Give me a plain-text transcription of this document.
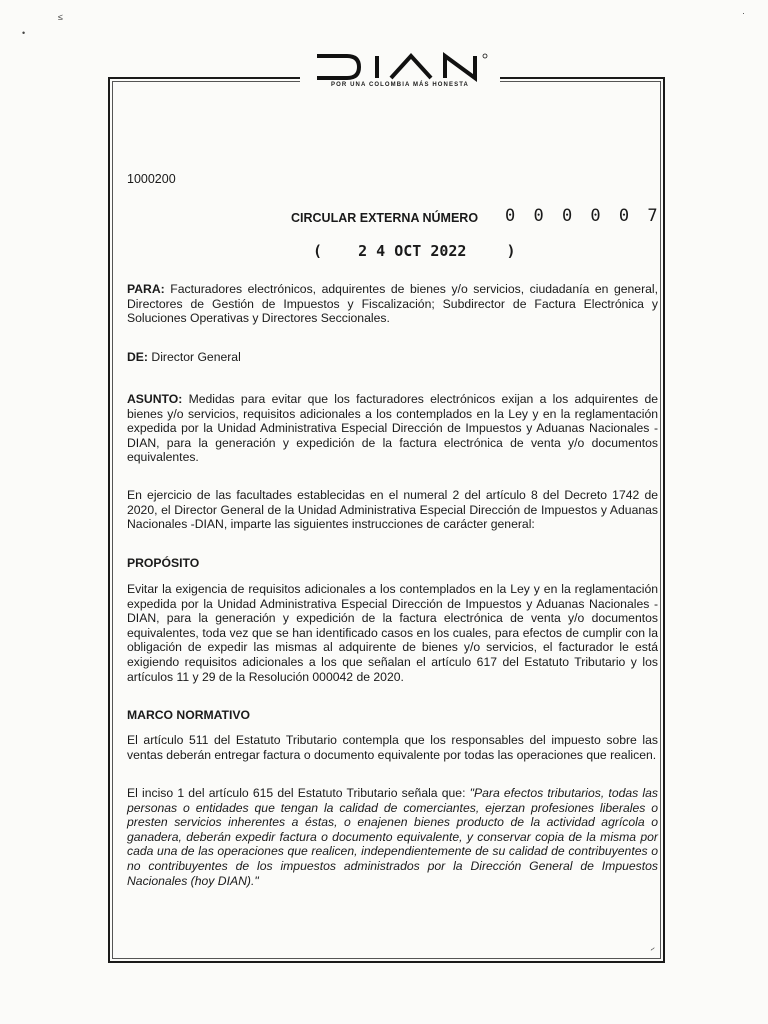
POR UNA COLOMBIA MÁS HONESTA
•
≤	·
~
1000200
CIRCULAR EXTERNA NÚMERO 0 0 0 0 0 7
( 2 4 OCT 2022	)
PARA: Facturadores electrónicos, adquirentes de bienes y/o servicios, ciudadanía en general, Directores de Gestión de Impuestos y Fiscalización; Subdirector de Factura Electrónica y Soluciones Operativas y Directores Seccionales.
DE: Director General
ASUNTO: Medidas para evitar que los facturadores electrónicos exijan a los adquirentes de bienes y/o servicios, requisitos adicionales a los contemplados en la Ley y en la reglamentación expedida por la Unidad Administrativa Especial Dirección de Impuestos y Aduanas Nacionales -DIAN, para la generación y expedición de la factura electrónica de venta y/o documentos equivalentes.
En ejercicio de las facultades establecidas en el numeral 2 del artículo 8 del Decreto 1742 de 2020, el Director General de la Unidad Administrativa Especial Dirección de Impuestos y Aduanas Nacionales -DIAN, imparte las siguientes instrucciones de carácter general:
PROPÓSITO
Evitar la exigencia de requisitos adicionales a los contemplados en la Ley y en la reglamentación expedida por la Unidad Administrativa Especial Dirección de Impuestos y Aduanas Nacionales -DIAN, para la generación y expedición de la factura electrónica de venta y/o documentos equivalentes, toda vez que se han identificado casos en los cuales, para efectos de cumplir con la obligación de expedir las mismas al adquirente de bienes y/o servicios, el facturador le está exigiendo requisitos adicionales a los que señalan el artículo 617 del Estatuto Tributario y los artículos 11 y 29 de la Resolución 000042 de 2020.
MARCO NORMATIVO
El artículo 511 del Estatuto Tributario contempla que los responsables del impuesto sobre las ventas deberán entregar factura o documento equivalente por todas las operaciones que realicen.
El inciso 1 del artículo 615 del Estatuto Tributario señala que: "Para efectos tributarios, todas las personas o entidades que tengan la calidad de comerciantes, ejerzan profesiones liberales o presten servicios inherentes a éstas, o enajenen bienes producto de la actividad agrícola o ganadera, deberán expedir factura o documento equivalente, y conservar copia de la misma por cada una de las operaciones que realicen, independientemente de su calidad de contribuyentes o no contribuyentes de los impuestos administrados por la Dirección General de Impuestos Nacionales (hoy DIAN)."
